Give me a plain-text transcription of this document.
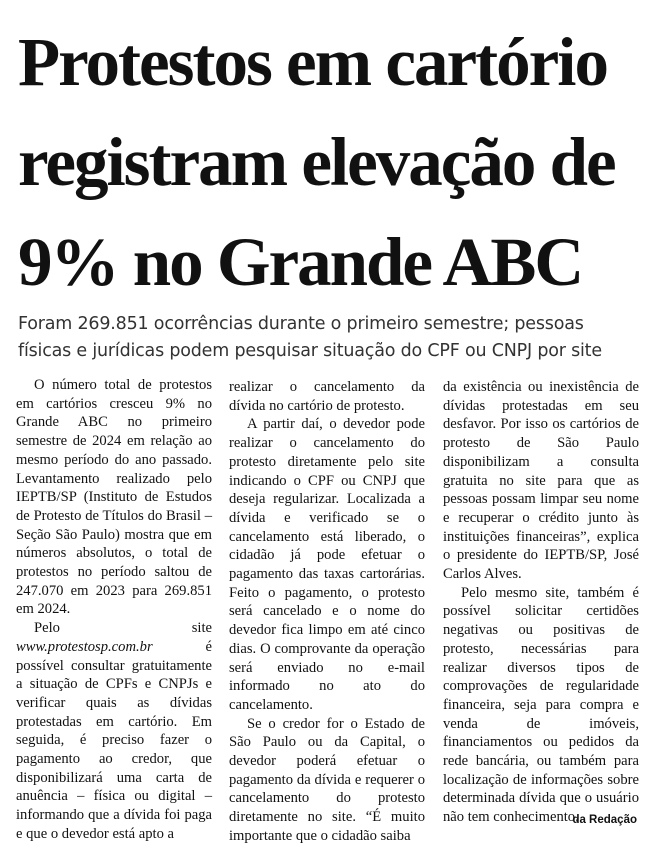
Protestos em cartório
registram elevação de
9% no Grande ABC
Foram 269.851 ocorrências durante o primeiro semestre; pessoas
físicas e jurídicas podem pesquisar situação do CPF ou CNPJ por site

O número total de protestos em cartórios cresceu 9% no Grande ABC no primeiro semestre de 2024 em relação ao mesmo período do ano passado. Levantamento realizado pelo IEPTB/SP (Instituto de Estudos de Protesto de Títulos do Brasil – Seção São Paulo) mostra que em números absolutos, o total de protestos no período saltou de 247.070 em 2023 para 269.851 em 2024.

Pelo site www.protestosp.com.br é possível consultar gratuitamente a situação de CPFs e CNPJs e verificar quais as dívidas protestadas em cartório. Em seguida, é preciso fazer o pagamento ao credor, que disponibilizará uma carta de anuência – física ou digital – informando que a dívida foi paga e que o devedor está apto a

realizar o cancelamento da dívida no cartório de protesto.

A partir daí, o devedor pode realizar o cancelamento do protesto diretamente pelo site indicando o CPF ou CNPJ que deseja regularizar. Localizada a dívida e verificado se o cancelamento está liberado, o cidadão já pode efetuar o pagamento das taxas cartorárias. Feito o pagamento, o protesto será cancelado e o nome do devedor fica limpo em até cinco dias. O comprovante da operação será enviado no e-mail informado no ato do cancelamento.

Se o credor for o Estado de São Paulo ou da Capital, o devedor poderá efetuar o pagamento da dívida e requerer o cancelamento do protesto diretamente no site. “É muito importante que o cidadão saiba

da existência ou inexistência de dívidas protestadas em seu desfavor. Por isso os cartórios de protesto de São Paulo disponibilizam a consulta gratuita no site para que as pessoas possam limpar seu nome e recuperar o crédito junto às instituições financeiras”, explica o presidente do IEPTB/SP, José Carlos Alves.

Pelo mesmo site, também é possível solicitar certidões negativas ou positivas de protesto, necessárias para realizar diversos tipos de comprovações de regularidade financeira, seja para compra e venda de imóveis, financiamentos ou pedidos da rede bancária, ou também para localização de informações sobre determinada dívida que o usuário não tem conhecimento.

da Redação
